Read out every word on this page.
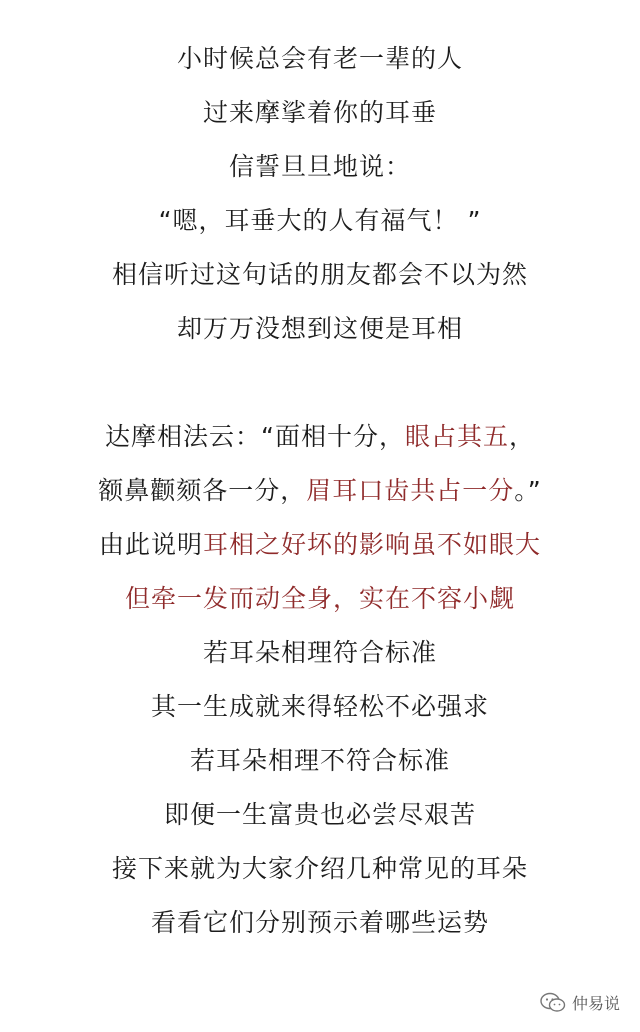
小时候总会有老一辈的人
过来摩挲着你的耳垂
信誓旦旦地说：
“嗯，耳垂大的人有福气！ ”
相信听过这句话的朋友都会不以为然
却万万没想到这便是耳相
达摩相法云：“面相十分，眼占其五，
额鼻颧颏各一分，眉耳口齿共占一分。”
由此说明耳相之好坏的影响虽不如眼大
但牵一发而动全身，实在不容小觑
若耳朵相理符合标准
其一生成就来得轻松不必强求
若耳朵相理不符合标准
即便一生富贵也必尝尽艰苦
接下来就为大家介绍几种常见的耳朵
看看它们分别预示着哪些运势
仲易说
